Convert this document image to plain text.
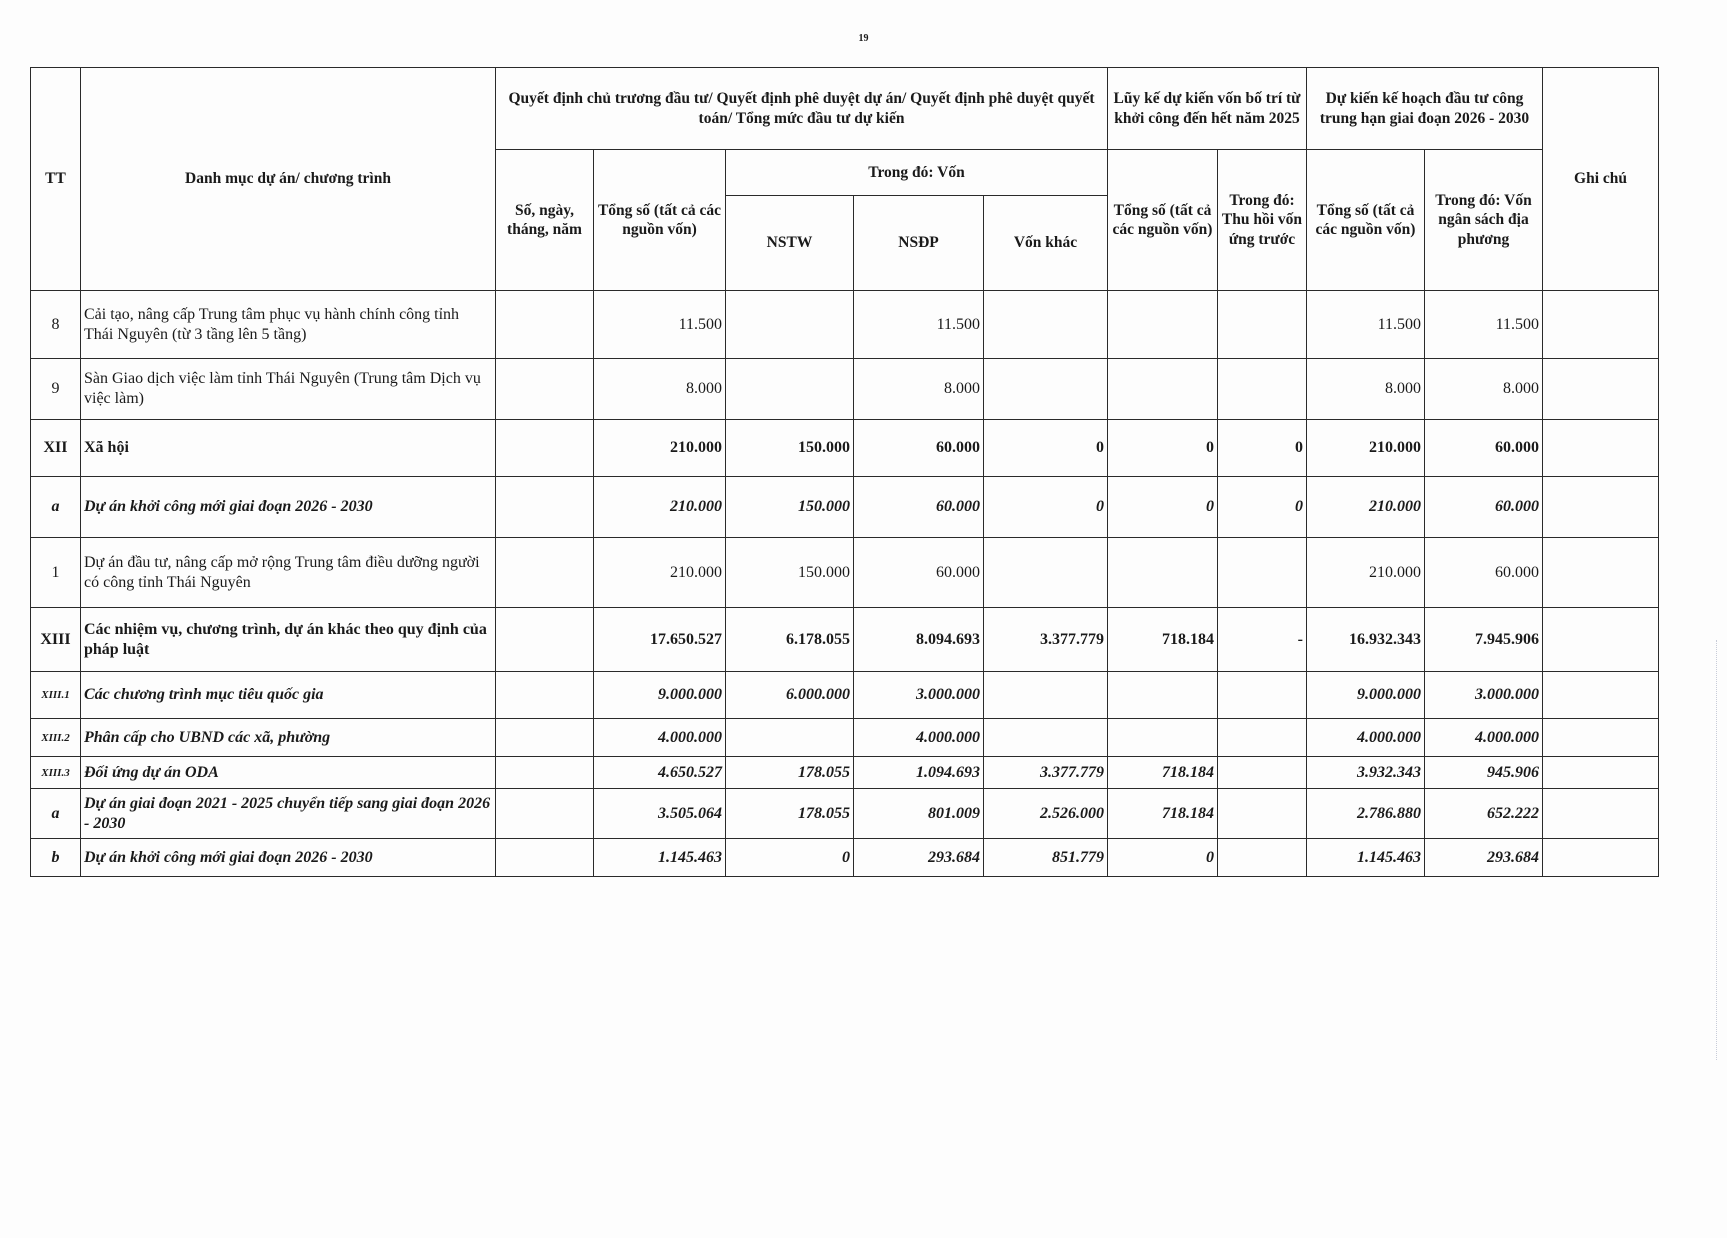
19
TT	Danh mục dự án/ chương trình	Quyết định chủ trương đầu tư/ Quyết định phê duyệt dự án/ Quyết định phê duyệt quyết toán/ Tổng mức đầu tư dự kiến					Lũy kế dự kiến vốn bố trí từ khởi công đến hết năm 2025		Dự kiến kế hoạch đầu tư công trung hạn giai đoạn 2026 - 2030		Ghi chú
		Số, ngày, tháng, năm	Tổng số (tất cả các nguồn vốn)	Trong đó: Vốn			Tổng số (tất cả các nguồn vốn)	Trong đó: Thu hồi vốn ứng trước	Tổng số (tất cả các nguồn vốn)	Trong đó: Vốn ngân sách địa phương	
				NSTW	NSĐP	Vốn khác					
8	Cải tạo, nâng cấp Trung tâm phục vụ hành chính công tỉnh Thái Nguyên (từ 3 tầng lên 5 tầng)		11.500		11.500				11.500	11.500	
9	Sàn Giao dịch việc làm tỉnh Thái Nguyên (Trung tâm Dịch vụ việc làm)		8.000		8.000				8.000	8.000	
XII	Xã hội		210.000	150.000	60.000	0	0	0	210.000	60.000	
a	Dự án khởi công mới giai đoạn 2026 - 2030		210.000	150.000	60.000	0	0	0	210.000	60.000	
1	Dự án đầu tư, nâng cấp mở rộng Trung tâm điều dưỡng người có công tỉnh Thái Nguyên		210.000	150.000	60.000				210.000	60.000	
XIII	Các nhiệm vụ, chương trình, dự án khác theo quy định của pháp luật		17.650.527	6.178.055	8.094.693	3.377.779	718.184	-	16.932.343	7.945.906	
XIII.1	Các chương trình mục tiêu quốc gia		9.000.000	6.000.000	3.000.000				9.000.000	3.000.000	
XIII.2	Phân cấp cho UBND các xã, phường		4.000.000		4.000.000				4.000.000	4.000.000	
XIII.3	Đối ứng dự án ODA		4.650.527	178.055	1.094.693	3.377.779	718.184		3.932.343	945.906	
a	Dự án giai đoạn 2021 - 2025 chuyển tiếp sang giai đoạn 2026 - 2030		3.505.064	178.055	801.009	2.526.000	718.184		2.786.880	652.222	
b	Dự án khởi công mới giai đoạn 2026 - 2030		1.145.463	0	293.684	851.779	0		1.145.463	293.684	
